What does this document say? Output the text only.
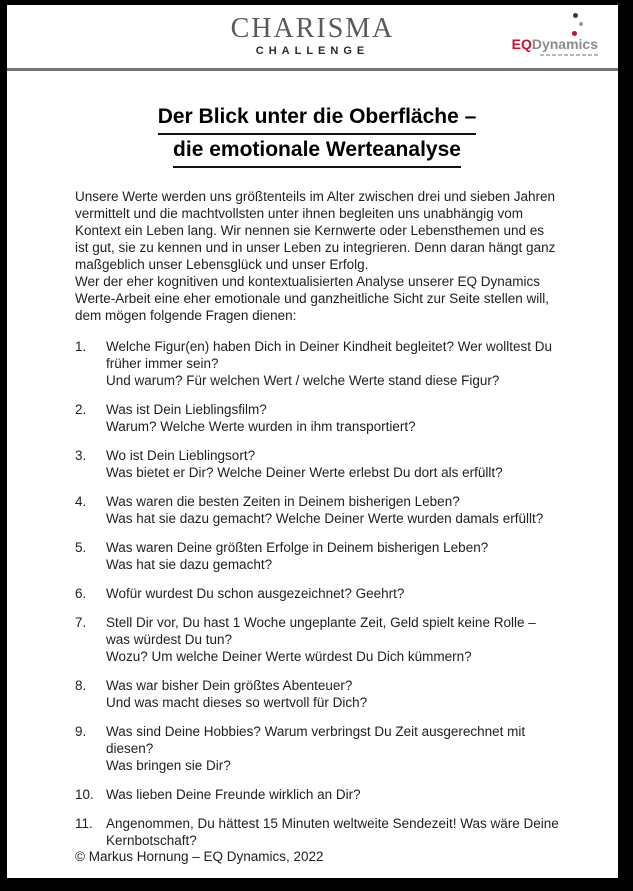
CHARISMA
CHALLENGE	EQDynamics
Der Blick unter die Oberfläche –
die emotionale Werteanalyse

Unsere Werte werden uns größtenteils im Alter zwischen drei und sieben Jahren vermittelt und die machtvollsten unter ihnen begleiten uns unabhängig vom Kontext ein Leben lang. Wir nennen sie Kernwerte oder Lebensthemen und es ist gut, sie zu kennen und in unser Leben zu integrieren. Denn daran hängt ganz maßgeblich unser Lebensglück und unser Erfolg.

Wer der eher kognitiven und kontextualisierten Analyse unserer EQ Dynamics Werte-Arbeit eine eher emotionale und ganzheitliche Sicht zur Seite stellen will, dem mögen folgende Fragen dienen:

1.	Welche Figur(en) haben Dich in Deiner Kindheit begleitet? Wer wolltest Du früher immer sein?
Und warum? Für welchen Wert / welche Werte stand diese Figur?
2.	Was ist Dein Lieblingsfilm?
Warum? Welche Werte wurden in ihm transportiert?
3.	Wo ist Dein Lieblingsort?
Was bietet er Dir? Welche Deiner Werte erlebst Du dort als erfüllt?
4.	Was waren die besten Zeiten in Deinem bisherigen Leben?
Was hat sie dazu gemacht? Welche Deiner Werte wurden damals erfüllt?
5.	Was waren Deine größten Erfolge in Deinem bisherigen Leben?
Was hat sie dazu gemacht?
6.	Wofür wurdest Du schon ausgezeichnet? Geehrt?
7.	Stell Dir vor, Du hast 1 Woche ungeplante Zeit, Geld spielt keine Rolle – was würdest Du tun?
Wozu? Um welche Deiner Werte würdest Du Dich kümmern?
8.	Was war bisher Dein größtes Abenteuer?
Und was macht dieses so wertvoll für Dich?
9.	Was sind Deine Hobbies? Warum verbringst Du Zeit ausgerechnet mit diesen?
Was bringen sie Dir?
10. Was lieben Deine Freunde wirklich an Dir?
11. Angenommen, Du hättest 15 Minuten weltweite Sendezeit! Was wäre Deine Kernbotschaft?
© Markus Hornung – EQ Dynamics, 2022
